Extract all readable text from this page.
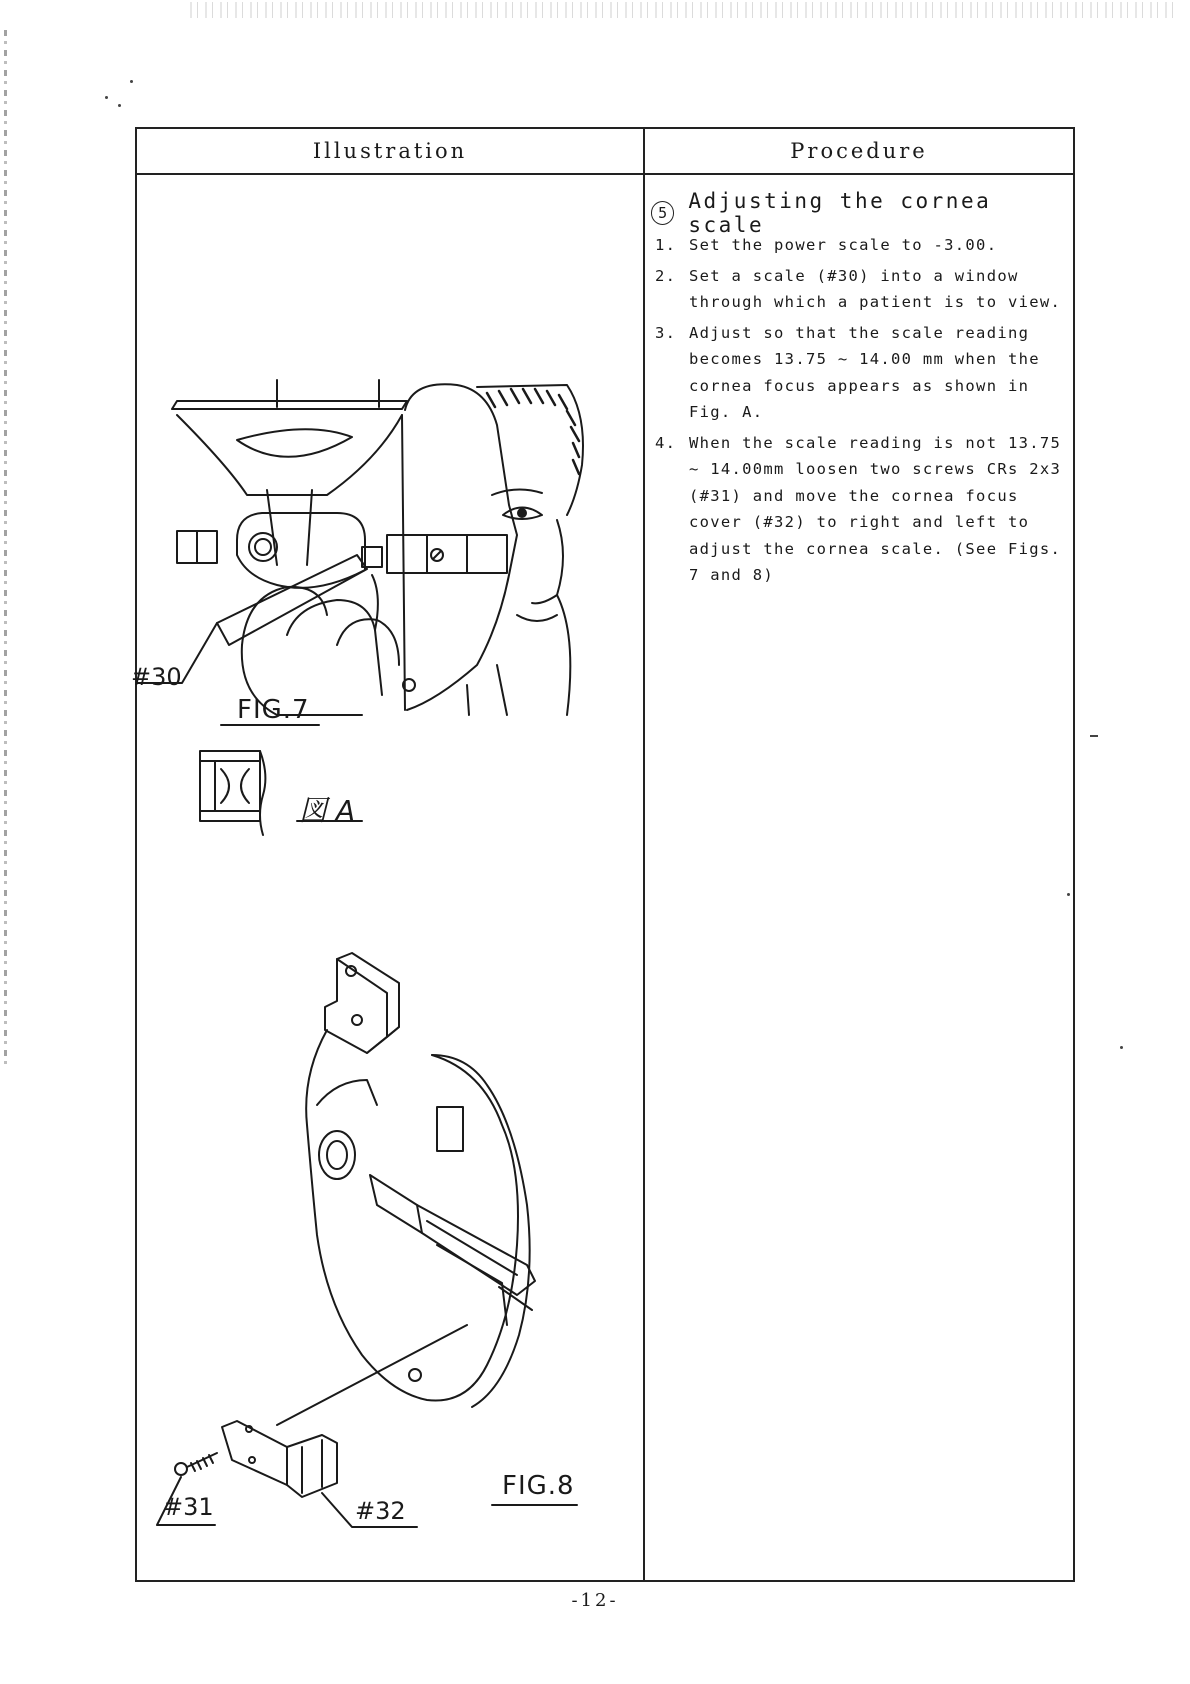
Illustration	Procedure
#30
FIG.7
図 A
#31	#32
FIG.8
5	Adjusting the cornea scale
1. Set the power scale to -3.00.
2. Set a scale (#30) into a window through which a patient is to view.
3. Adjust so that the scale reading becomes 13.75 ~ 14.00 mm when the cornea focus appears as shown in Fig. A.
4. When the scale reading is not 13.75 ~ 14.00mm loosen two screws CRs 2x3 (#31) and move the cornea focus cover (#32) to right and left to adjust the cornea scale. (See Figs. 7 and 8)
-12-
